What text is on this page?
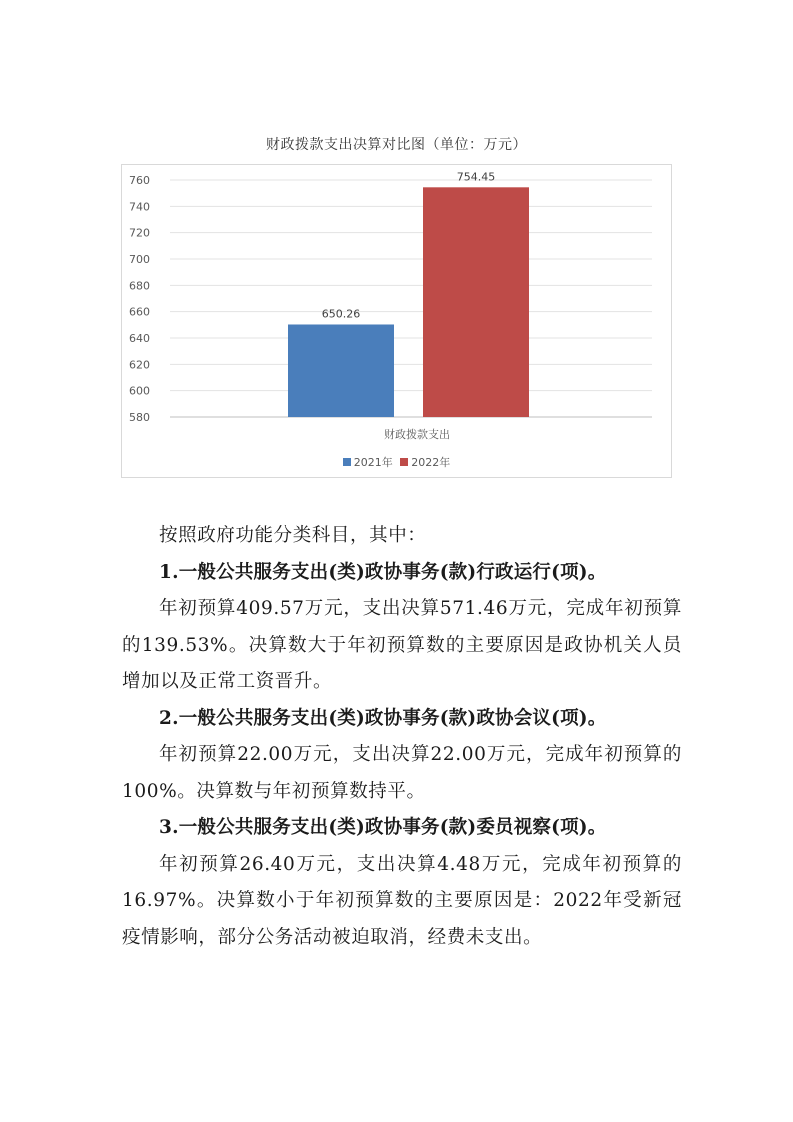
财政拨款支出决算对比图（单位：万元）
580
600
620
640
660
680
700
720
740
760
650.26
754.45
财政拨款支出
2021年 2022年

按照政府功能分类科目，其中：

1.一般公共服务支出(类)政协事务(款)行政运行(项)。

年初预算409.57万元，支出决算571.46万元，完成年初预算的139.53%。决算数大于年初预算数的主要原因是政协机关人员增加以及正常工资晋升。

2.一般公共服务支出(类)政协事务(款)政协会议(项)。

年初预算22.00万元，支出决算22.00万元，完成年初预算的100%。决算数与年初预算数持平。

3.一般公共服务支出(类)政协事务(款)委员视察(项)。

年初预算26.40万元，支出决算4.48万元，完成年初预算的16.97%。决算数小于年初预算数的主要原因是：2022年受新冠疫情影响，部分公务活动被迫取消，经费未支出。
